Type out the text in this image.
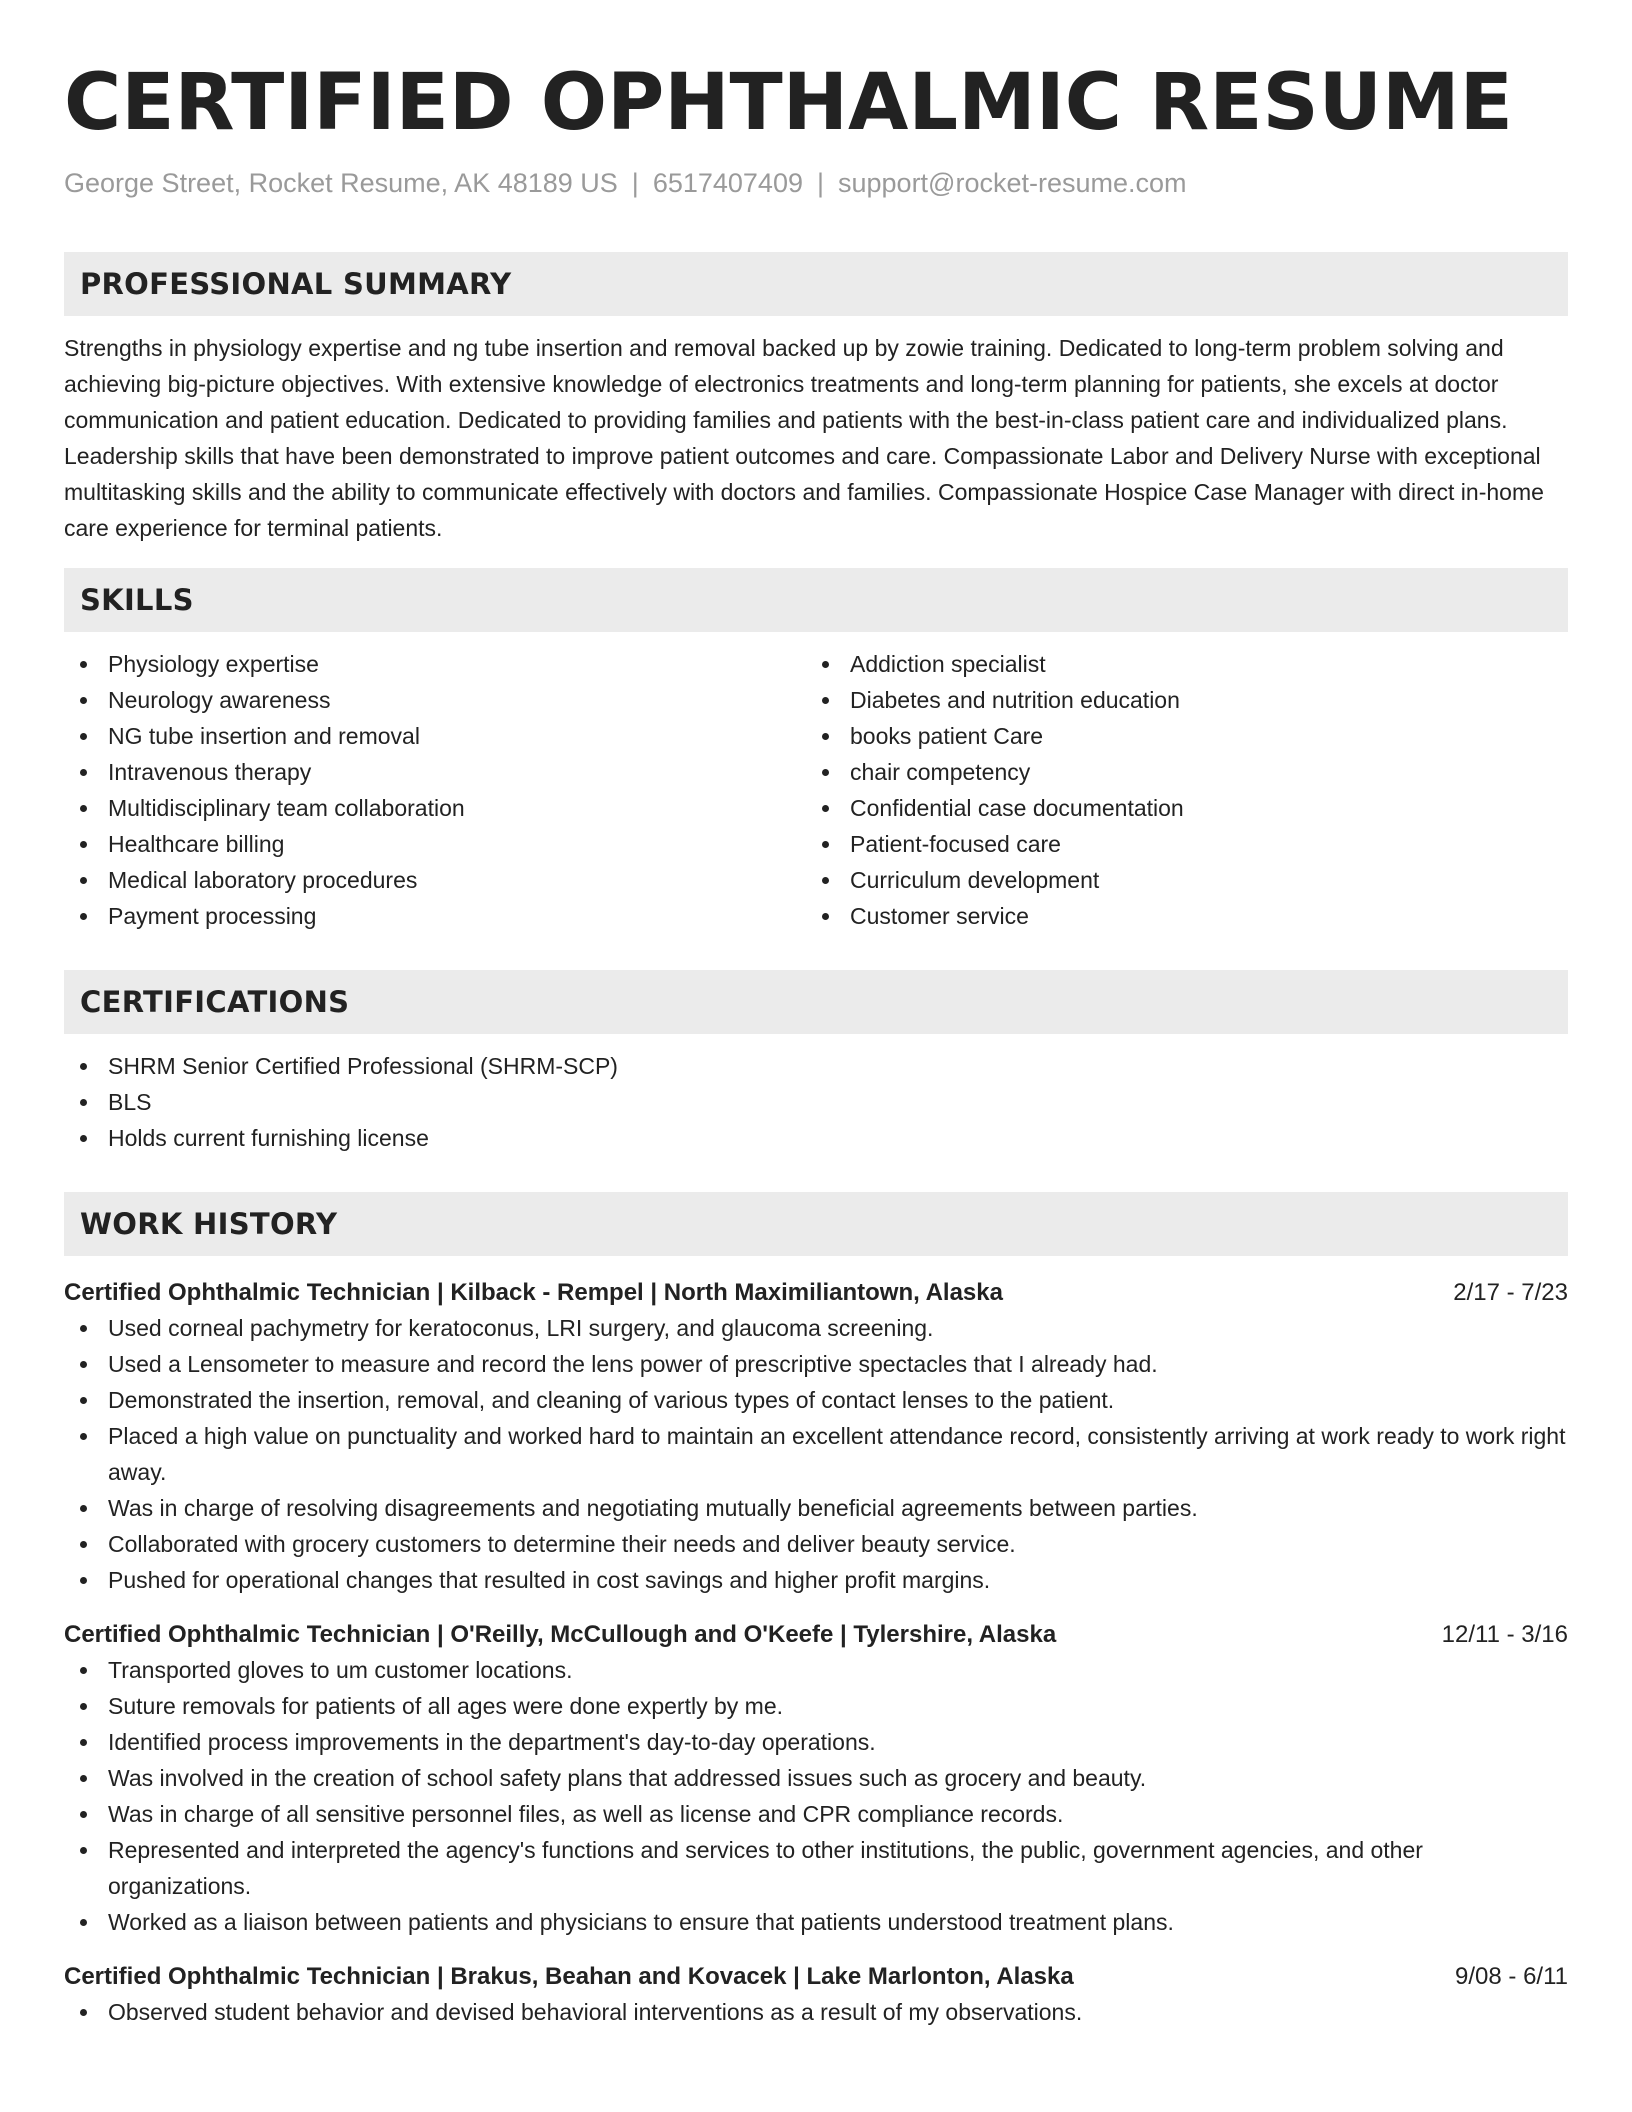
CERTIFIED OPHTHALMIC RESUME
George Street, Rocket Resume, AK 48189 US | 6517407409 | support@rocket-resume.com
PROFESSIONAL SUMMARY

Strengths in physiology expertise and ng tube insertion and removal backed up by zowie training. Dedicated to long-term problem solving and achieving big-picture objectives. With extensive knowledge of electronics treatments and long-term planning for patients, she excels at doctor communication and patient education. Dedicated to providing families and patients with the best-in-class patient care and individualized plans. Leadership skills that have been demonstrated to improve patient outcomes and care. Compassionate Labor and Delivery Nurse with exceptional multitasking skills and the ability to communicate effectively with doctors and families. Compassionate Hospice Case Manager with direct in-home care experience for terminal patients.

SKILLS
Physiology expertise
Neurology awareness
NG tube insertion and removal
Intravenous therapy
Multidisciplinary team collaboration
Healthcare billing
Medical laboratory procedures
Payment processing
Addiction specialist
Diabetes and nutrition education
books patient Care
chair competency
Confidential case documentation
Patient-focused care
Curriculum development
Customer service
CERTIFICATIONS
SHRM Senior Certified Professional (SHRM-SCP)
BLS
Holds current furnishing license
WORK HISTORY
Certified Ophthalmic Technician | Kilback - Rempel | North Maximiliantown, Alaska	2/17 - 7/23
Used corneal pachymetry for keratoconus, LRI surgery, and glaucoma screening.
Used a Lensometer to measure and record the lens power of prescriptive spectacles that I already had.
Demonstrated the insertion, removal, and cleaning of various types of contact lenses to the patient.
Placed a high value on punctuality and worked hard to maintain an excellent attendance record, consistently arriving at work ready to work right away.
Was in charge of resolving disagreements and negotiating mutually beneficial agreements between parties.
Collaborated with grocery customers to determine their needs and deliver beauty service.
Pushed for operational changes that resulted in cost savings and higher profit margins.
Certified Ophthalmic Technician | O'Reilly, McCullough and O'Keefe | Tylershire, Alaska	12/11 - 3/16
Transported gloves to um customer locations.
Suture removals for patients of all ages were done expertly by me.
Identified process improvements in the department's day-to-day operations.
Was involved in the creation of school safety plans that addressed issues such as grocery and beauty.
Was in charge of all sensitive personnel files, as well as license and CPR compliance records.
Represented and interpreted the agency's functions and services to other institutions, the public, government agencies, and other organizations.
Worked as a liaison between patients and physicians to ensure that patients understood treatment plans.
Certified Ophthalmic Technician | Brakus, Beahan and Kovacek | Lake Marlonton, Alaska	9/08 - 6/11
Observed student behavior and devised behavioral interventions as a result of my observations.
